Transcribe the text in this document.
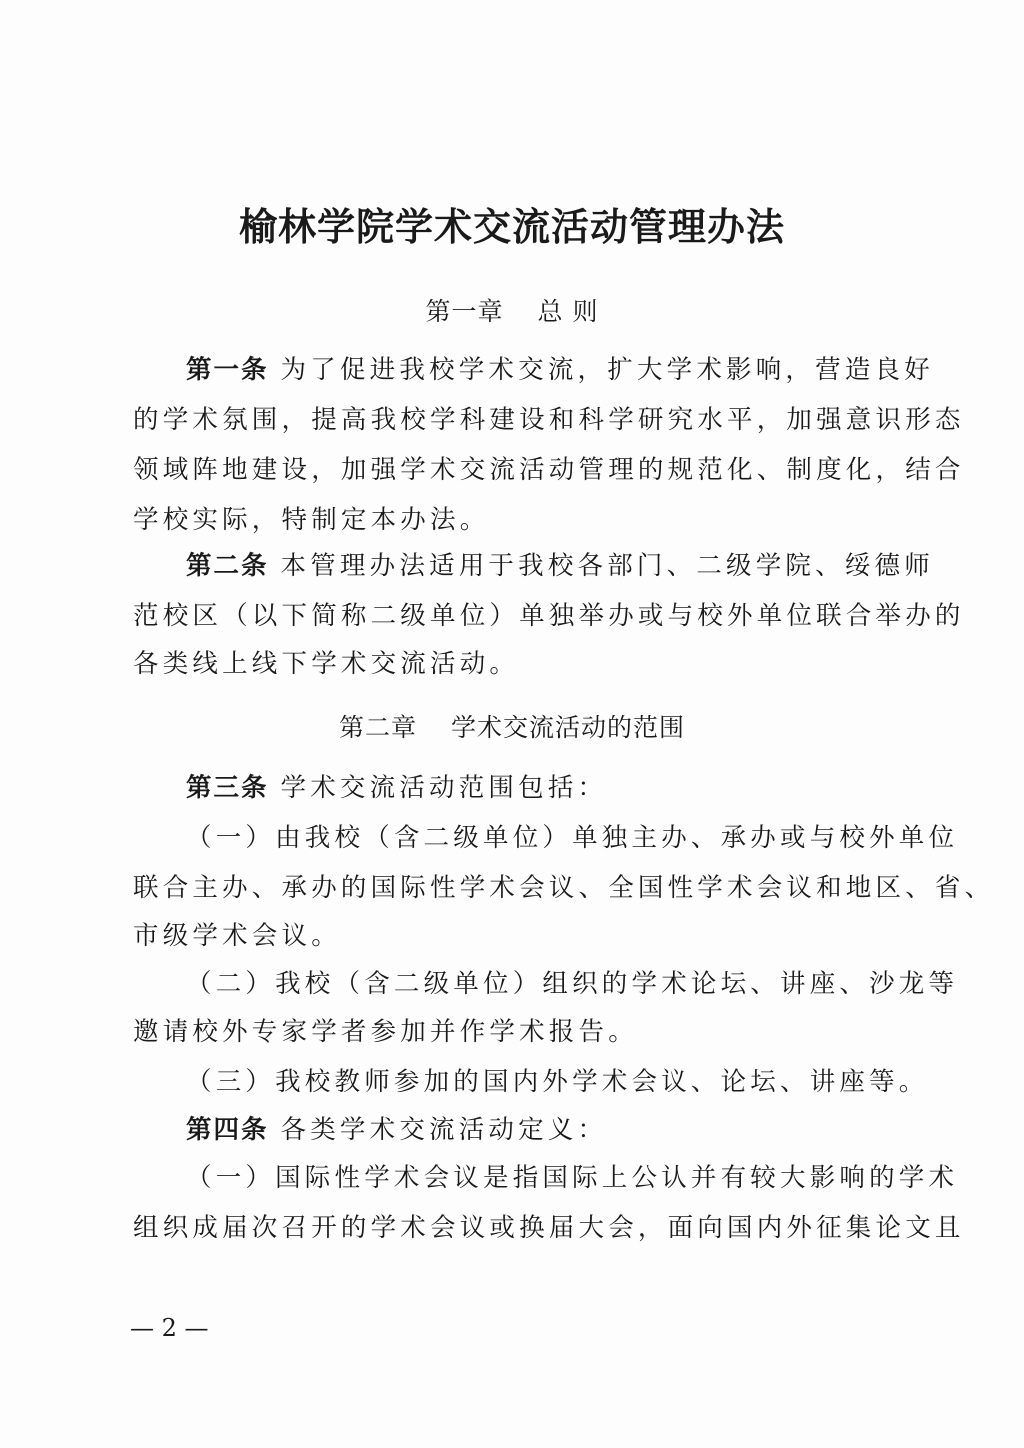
榆林学院学术交流活动管理办法
第一章 总 则
第一条 为了促进我校学术交流，扩大学术影响，营造良好
的学术氛围，提高我校学科建设和科学研究水平，加强意识形态
领域阵地建设，加强学术交流活动管理的规范化、制度化，结合
学校实际，特制定本办法。
第二条 本管理办法适用于我校各部门、二级学院、绥德师
范校区（以下简称二级单位）单独举办或与校外单位联合举办的
各类线上线下学术交流活动。
第二章 学术交流活动的范围
第三条 学术交流活动范围包括：
（一）由我校（含二级单位）单独主办、承办或与校外单位
联合主办、承办的国际性学术会议、全国性学术会议和地区、省、
市级学术会议。
（二）我校（含二级单位）组织的学术论坛、讲座、沙龙等
邀请校外专家学者参加并作学术报告。
（三）我校教师参加的国内外学术会议、论坛、讲座等。
第四条 各类学术交流活动定义：
（一）国际性学术会议是指国际上公认并有较大影响的学术
组织成届次召开的学术会议或换届大会，面向国内外征集论文且
— 2 —
